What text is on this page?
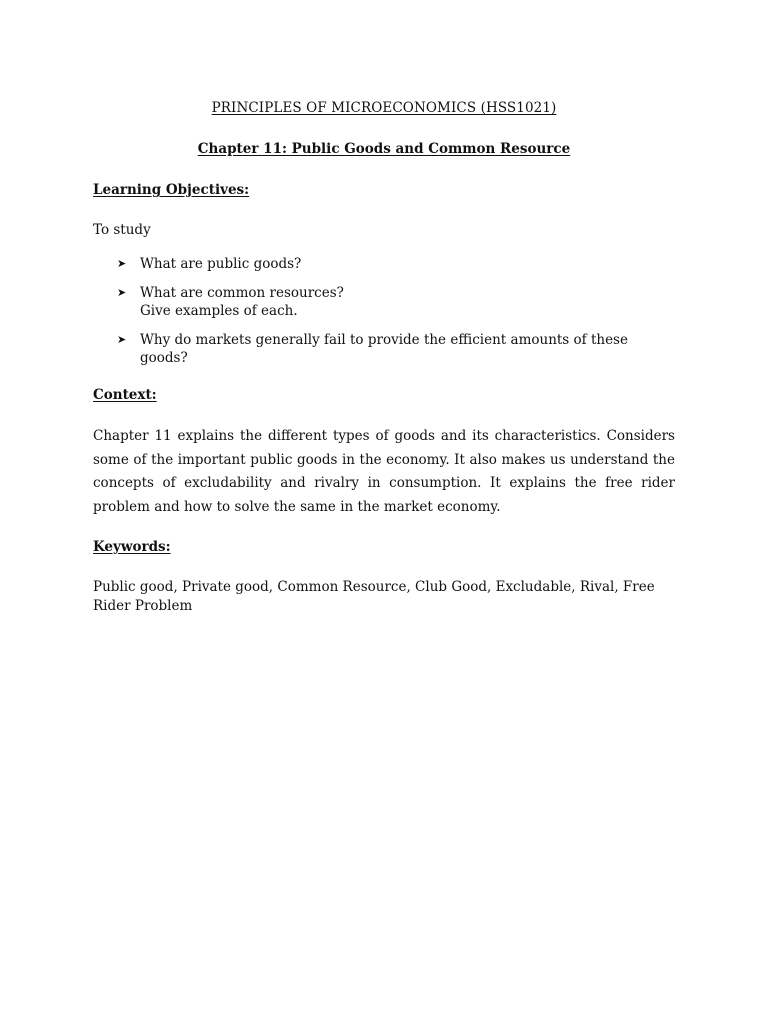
PRINCIPLES OF MICROECONOMICS (HSS1021)
Chapter 11: Public Goods and Common Resource
Learning Objectives:
To study
➤ What are public goods?
➤ What are common resources?
Give examples of each.
➤ Why do markets generally fail to provide the efficient amounts of these
goods?
Context:

Chapter 11 explains the different types of goods and its characteristics. Considers some of the important public goods in the economy. It also makes us understand the concepts of excludability and rivalry in consumption. It explains the free rider problem and how to solve the same in the market economy.

Keywords:

Public good, Private good, Common Resource, Club Good, Excludable, Rival, Free Rider Problem
